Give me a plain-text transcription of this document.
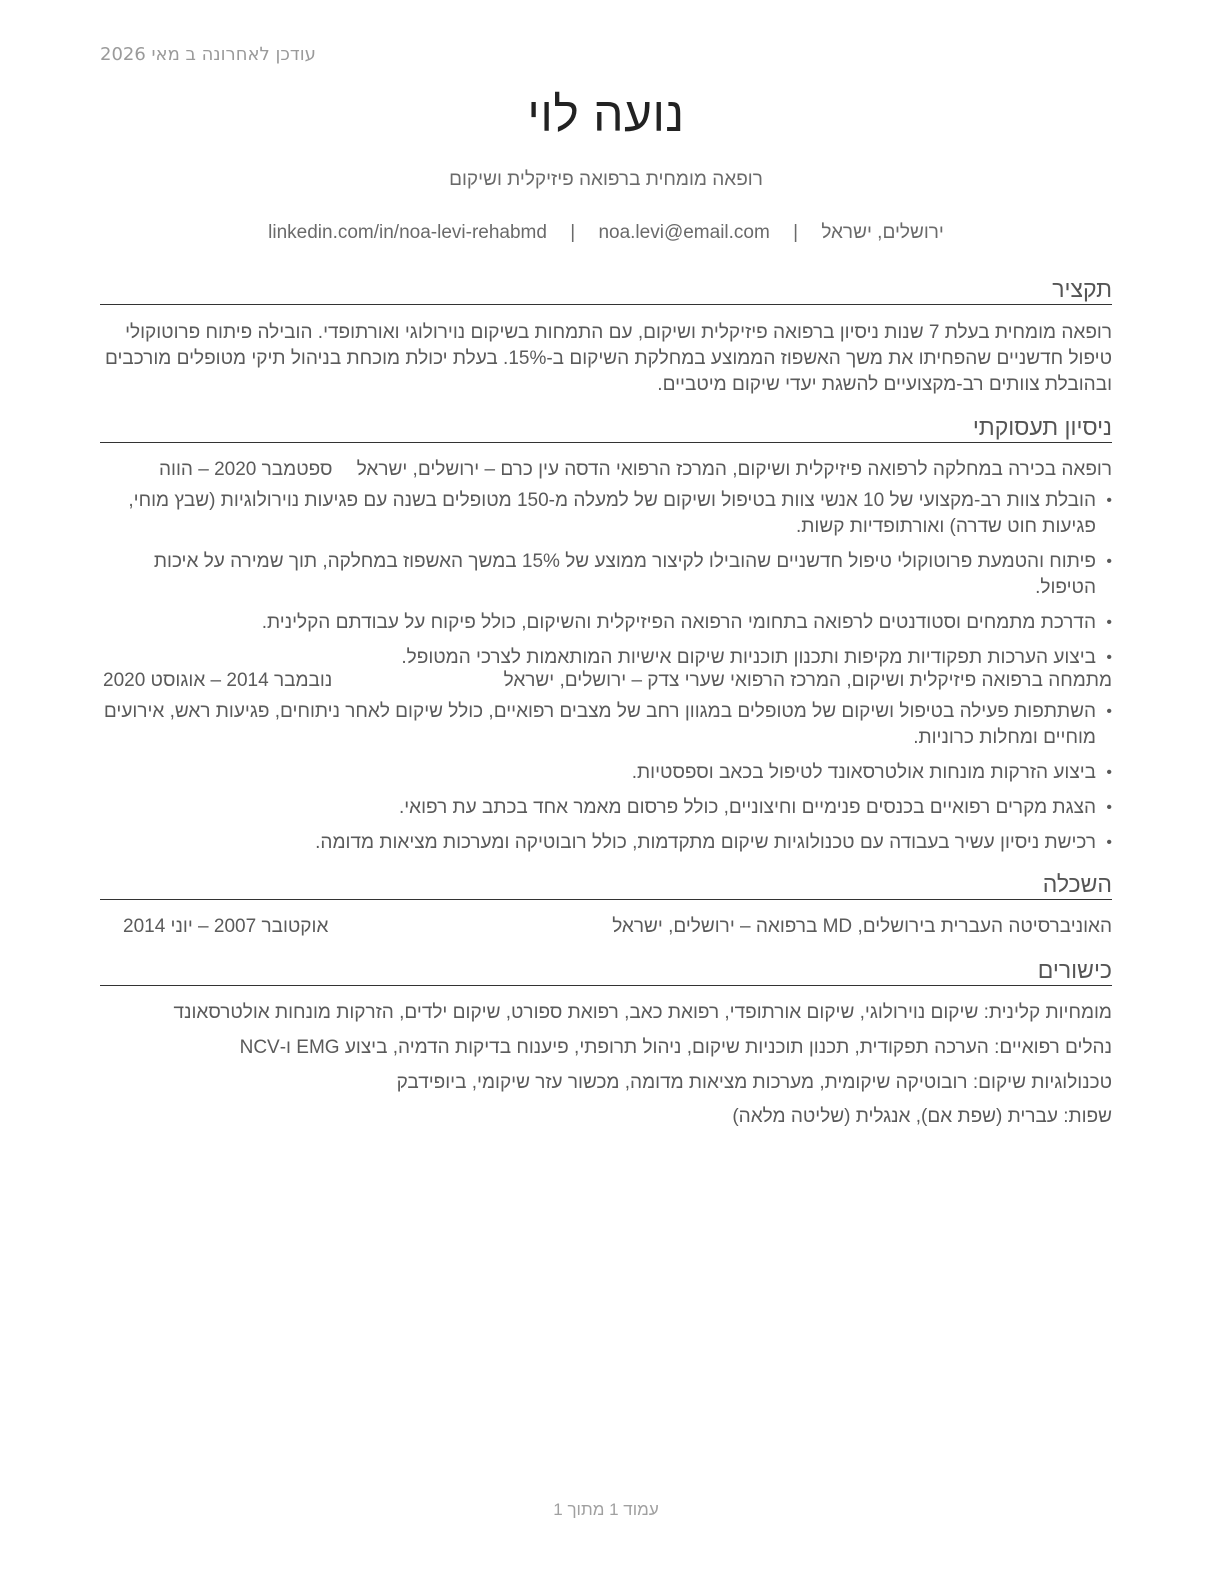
עודכן לאחרונה ב מאי 2026
נועה לוי
רופאה מומחית ברפואה פיזיקלית ושיקום
ירושלים, ישראל | noa.levi@email.com | linkedin.com/in/noa-levi-rehabmd
תקציר

רופאה מומחית בעלת 7 שנות ניסיון ברפואה פיזיקלית ושיקום, עם התמחות בשיקום נוירולוגי ואורתופדי. הובילה פיתוח פרוטוקולי טיפול חדשניים שהפחיתו את משך האשפוז הממוצע במחלקת השיקום ב-15%. בעלת יכולת מוכחת בניהול תיקי מטופלים מורכבים ובהובלת צוותים רב-מקצועיים להשגת יעדי שיקום מיטביים.

ניסיון תעסוקתי
רופאה בכירה במחלקה לרפואה פיזיקלית ושיקום, המרכז הרפואי הדסה עין כרם – ירושלים, ישראל
ספטמבר 2020 – הווה
• הובלת צוות רב-מקצועי של 10 אנשי צוות בטיפול ושיקום של למעלה מ-150 מטופלים בשנה עם פגיעות נוירולוגיות (שבץ מוחי, פגיעות חוט שדרה) ואורתופדיות קשות.
• פיתוח והטמעת פרוטוקולי טיפול חדשניים שהובילו לקיצור ממוצע של 15% במשך האשפוז במחלקה, תוך שמירה על איכות הטיפול.
• הדרכת מתמחים וסטודנטים לרפואה בתחומי הרפואה הפיזיקלית והשיקום, כולל פיקוח על עבודתם הקלינית.
• ביצוע הערכות תפקודיות מקיפות ותכנון תוכניות שיקום אישיות המותאמות לצרכי המטופל.
מתמחה ברפואה פיזיקלית ושיקום, המרכז הרפואי שערי צדק – ירושלים, ישראל
נובמבר 2014 – אוגוסט 2020
• השתתפות פעילה בטיפול ושיקום של מטופלים במגוון רחב של מצבים רפואיים, כולל שיקום לאחר ניתוחים, פגיעות ראש, אירועים מוחיים ומחלות כרוניות.
• ביצוע הזרקות מונחות אולטרסאונד לטיפול בכאב וספסטיות.
• הצגת מקרים רפואיים בכנסים פנימיים וחיצוניים, כולל פרסום מאמר אחד בכתב עת רפואי.
• רכישת ניסיון עשיר בעבודה עם טכנולוגיות שיקום מתקדמות, כולל רובוטיקה ומערכות מציאות מדומה.
השכלה
האוניברסיטה העברית בירושלים, MD ברפואה – ירושלים, ישראל
אוקטובר 2007 – יוני 2014
כישורים
מומחיות קלינית: שיקום נוירולוגי, שיקום אורתופדי, רפואת כאב, רפואת ספורט, שיקום ילדים, הזרקות מונחות אולטרסאונד
נהלים רפואיים: הערכה תפקודית, תכנון תוכניות שיקום, ניהול תרופתי, פיענוח בדיקות הדמיה, ביצוע EMG ו-NCV
טכנולוגיות שיקום: רובוטיקה שיקומית, מערכות מציאות מדומה, מכשור עזר שיקומי, ביופידבק
שפות: עברית (שפת אם), אנגלית (שליטה מלאה)
עמוד 1 מתוך 1
